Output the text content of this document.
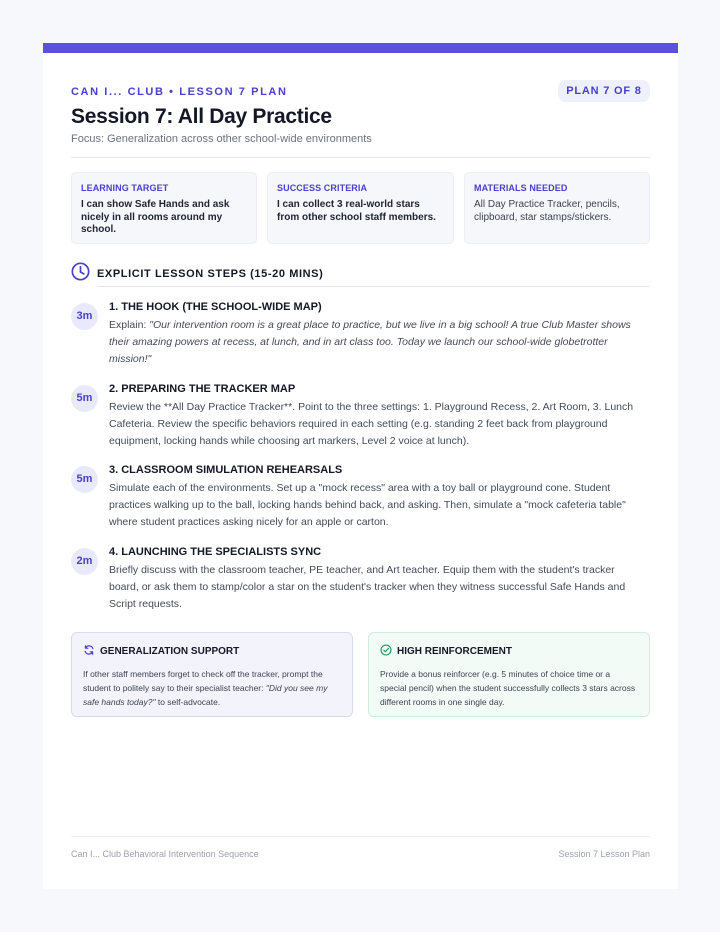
CAN I... CLUB • LESSON 7 PLAN	PLAN 7 OF 8
Session 7: All Day Practice
Focus: Generalization across other school-wide environments
LEARNING TARGET
I can show Safe Hands and ask nicely in all rooms around my school.
SUCCESS CRITERIA
I can collect 3 real-world stars from other school staff members.
MATERIALS NEEDED
All Day Practice Tracker, pencils, clipboard, star stamps/stickers.
EXPLICIT LESSON STEPS (15-20 MINS)
3m
1. THE HOOK (THE SCHOOL-WIDE MAP)
Explain: "Our intervention room is a great place to practice, but we live in a big school! A true Club Master shows their amazing powers at recess, at lunch, and in art class too. Today we launch our school-wide globetrotter mission!"
5m
2. PREPARING THE TRACKER MAP
Review the **All Day Practice Tracker**. Point to the three settings: 1. Playground Recess, 2. Art Room, 3. Lunch Cafeteria. Review the specific behaviors required in each setting (e.g. standing 2 feet back from playground equipment, locking hands while choosing art markers, Level 2 voice at lunch).
5m
3. CLASSROOM SIMULATION REHEARSALS
Simulate each of the environments. Set up a "mock recess" area with a toy ball or playground cone. Student practices walking up to the ball, locking hands behind back, and asking. Then, simulate a "mock cafeteria table" where student practices asking nicely for an apple or carton.
2m
4. LAUNCHING THE SPECIALISTS SYNC
Briefly discuss with the classroom teacher, PE teacher, and Art teacher. Equip them with the student's tracker board, or ask them to stamp/color a star on the student's tracker when they witness successful Safe Hands and Script requests.
GENERALIZATION SUPPORT
If other staff members forget to check off the tracker, prompt the student to politely say to their specialist teacher: "Did you see my safe hands today?" to self-advocate.
HIGH REINFORCEMENT
Provide a bonus reinforcer (e.g. 5 minutes of choice time or a special pencil) when the student successfully collects 3 stars across different rooms in one single day.
Can I... Club Behavioral Intervention Sequence	Session 7 Lesson Plan
